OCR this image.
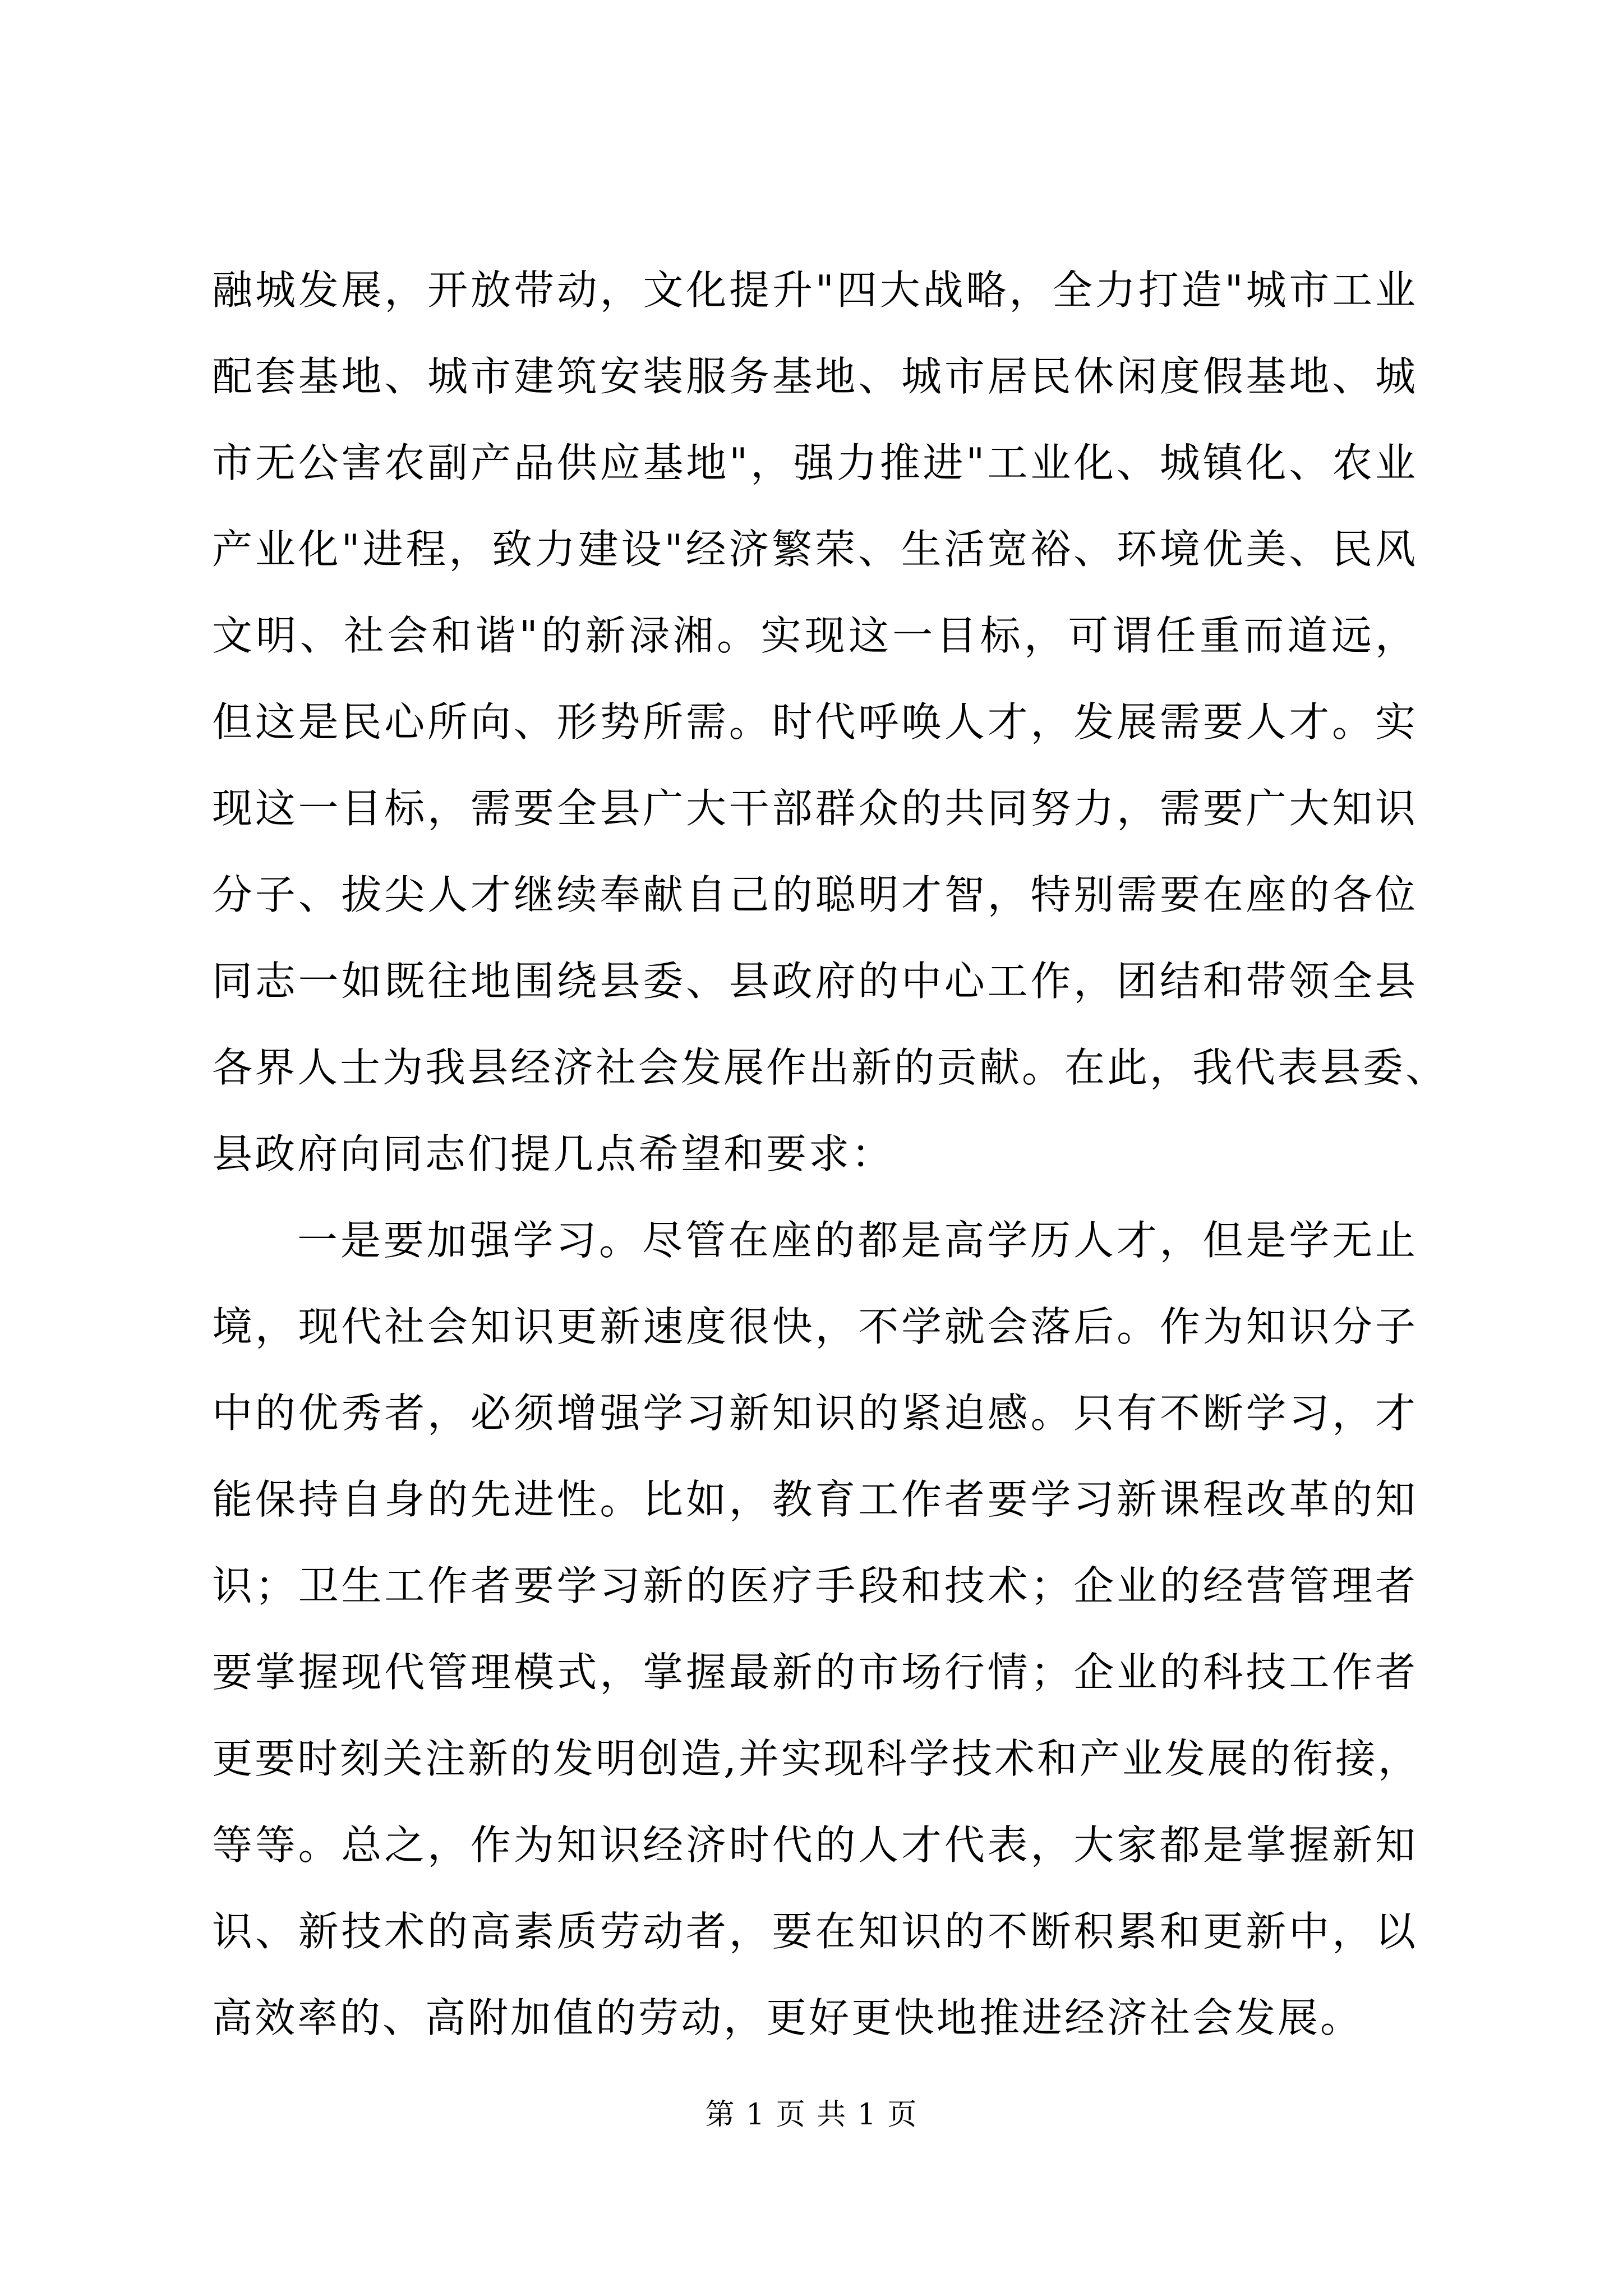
融城发展，开放带动，文化提升"四大战略，全力打造"城市工业
配套基地、城市建筑安装服务基地、城市居民休闲度假基地、城
市无公害农副产品供应基地"，强力推进"工业化、城镇化、农业
产业化"进程，致力建设"经济繁荣、生活宽裕、环境优美、民风
文明、社会和谐"的新渌湘。实现这一目标，可谓任重而道远，
但这是民心所向、形势所需。时代呼唤人才，发展需要人才。实
现这一目标，需要全县广大干部群众的共同努力，需要广大知识
分子、拔尖人才继续奉献自己的聪明才智，特别需要在座的各位
同志一如既往地围绕县委、县政府的中心工作，团结和带领全县
各界人士为我县经济社会发展作出新的贡献。在此，我代表县委、
县政府向同志们提几点希望和要求：
一是要加强学习。尽管在座的都是高学历人才，但是学无止
境，现代社会知识更新速度很快，不学就会落后。作为知识分子
中的优秀者，必须增强学习新知识的紧迫感。只有不断学习，才
能保持自身的先进性。比如，教育工作者要学习新课程改革的知
识；卫生工作者要学习新的医疗手段和技术；企业的经营管理者
要掌握现代管理模式，掌握最新的市场行情；企业的科技工作者
更要时刻关注新的发明创造,并实现科学技术和产业发展的衔接，
等等。总之，作为知识经济时代的人才代表，大家都是掌握新知
识、新技术的高素质劳动者，要在知识的不断积累和更新中，以
高效率的、高附加值的劳动，更好更快地推进经济社会发展。
第 1 页 共 1 页
